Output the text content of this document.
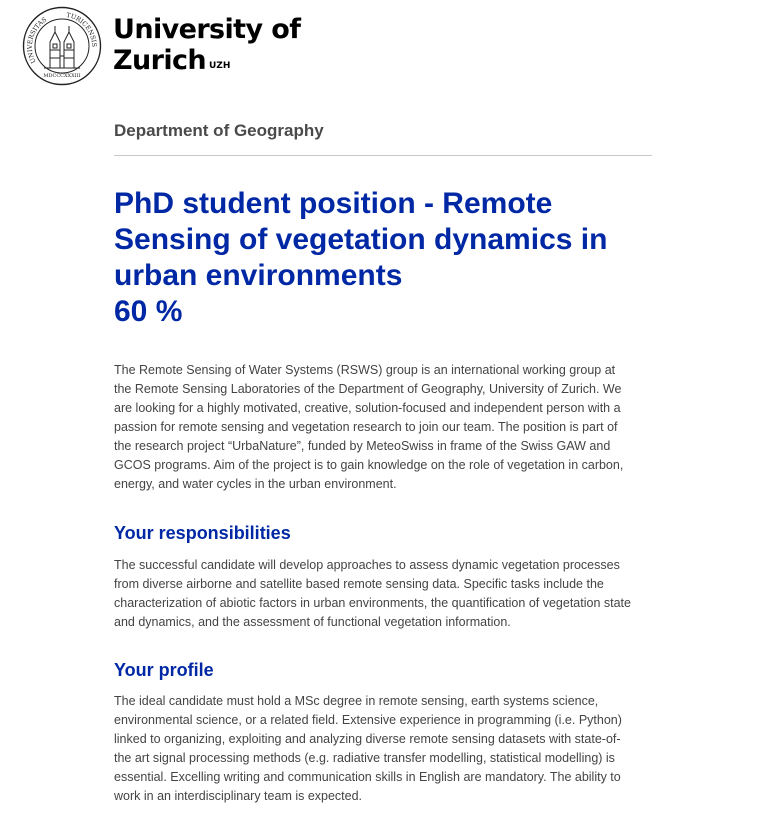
UNIVERSITAS
TURICENSIS
MDCCCXXXIII
University of
Zurich $^{UZH}$
Department of Geography
PhD student position - Remote
Sensing of vegetation dynamics in
urban environments
60 %

The Remote Sensing of Water Systems (RSWS) group is an international working group at
the Remote Sensing Laboratories of the Department of Geography, University of Zurich. We
are looking for a highly motivated, creative, solution-focused and independent person with a
passion for remote sensing and vegetation research to join our team. The position is part of
the research project “UrbaNature”, funded by MeteoSwiss in frame of the Swiss GAW and
GCOS programs. Aim of the project is to gain knowledge on the role of vegetation in carbon,
energy, and water cycles in the urban environment.

Your responsibilities

The successful candidate will develop approaches to assess dynamic vegetation processes
from diverse airborne and satellite based remote sensing data. Specific tasks include the
characterization of abiotic factors in urban environments, the quantification of vegetation state
and dynamics, and the assessment of functional vegetation information.

Your profile

The ideal candidate must hold a MSc degree in remote sensing, earth systems science,
environmental science, or a related field. Extensive experience in programming (i.e. Python)
linked to organizing, exploiting and analyzing diverse remote sensing datasets with state-of-
the art signal processing methods (e.g. radiative transfer modelling, statistical modelling) is
essential. Excelling writing and communication skills in English are mandatory. The ability to
work in an interdisciplinary team is expected.
